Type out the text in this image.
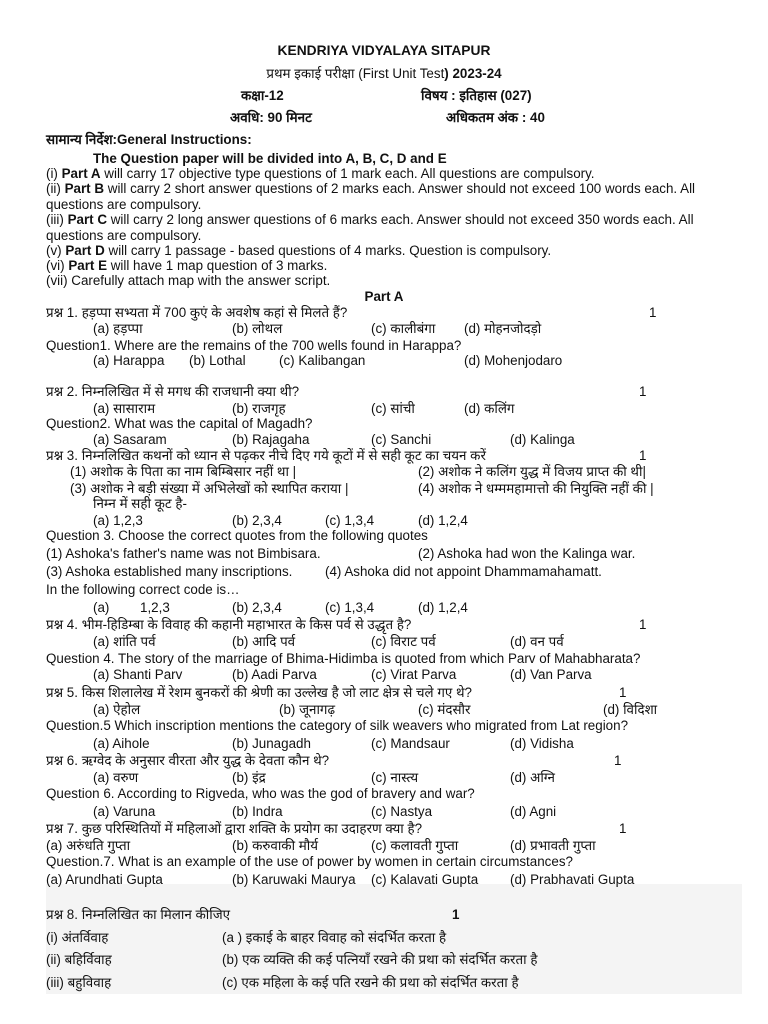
KENDRIYA VIDYALAYA SITAPUR
प्रथम इकाई परीक्षा (First Unit Test) 2023-24
कक्षा-12	विषय : इतिहास (027)
अवधि: 90 मिनट	अधिकतम अंक : 40
सामान्य निर्देश:General Instructions:
The Question paper will be divided into A, B, C, D and E
(i) Part A will carry 17 objective type questions of 1 mark each. All questions are compulsory.
(ii) Part B will carry 2 short answer questions of 2 marks each. Answer should not exceed 100 words each. All questions are compulsory.
(iii) Part C will carry 2 long answer questions of 6 marks each. Answer should not exceed 350 words each. All questions are compulsory.
(v) Part D will carry 1 passage - based questions of 4 marks. Question is compulsory.
(vi) Part E will have 1 map question of 3 marks.
(vii) Carefully attach map with the answer script.
Part A
प्रश्न 1. हड़प्पा सभ्यता में 700 कुएं के अवशेष कहां से मिलते हैं?	1
(a) हड़प्पा	(b) लोथल	(c) कालीबंगा (d) मोहनजोदड़ो
Question1. Where are the remains of the 700 wells found in Harappa?
(a) Harappa (b) Lothal (c) Kalibangan	(d) Mohenjodaro
प्रश्न 2. निम्नलिखित में से मगध की राजधानी क्या थी?	1
(a) सासाराम	(b) राजगृह	(c) सांची	(d) कलिंग
Question2. What was the capital of Magadh?
(a) Sasaram	(b) Rajagaha	(c) Sanchi	(d) Kalinga
प्रश्न 3. निम्नलिखित कथनों को ध्यान से पढ़कर नीचे दिए गये कूटों में से सही कूट का चयन करें	1
(1) अशोक के पिता का नाम बिम्बिसार नहीं था |	(2) अशोक ने कलिंग युद्ध में विजय प्राप्त की थी|
(3) अशोक ने बड़ी संख्या में अभिलेखों को स्थापित कराया |	(4) अशोक ने धम्ममहामात्तो की नियुक्ति नहीं की |
निम्न में सही कूट है-
(a) 1,2,3	(b) 2,3,4	(c) 1,3,4	(d) 1,2,4
Question 3. Choose the correct quotes from the following quotes
(1) Ashoka's father's name was not Bimbisara.	(2) Ashoka had won the Kalinga war.
(3) Ashoka established many inscriptions. (4) Ashoka did not appoint Dhammamahamatt.
In the following correct code is…
(a) 1,2,3	(b) 2,3,4	(c) 1,3,4	(d) 1,2,4
प्रश्न 4. भीम-हिडिम्बा के विवाह की कहानी महाभारत के किस पर्व से उद्धृत है?	1
(a) शांति पर्व	(b) आदि पर्व	(c) विराट पर्व	(d) वन पर्व
Question 4. The story of the marriage of Bhima-Hidimba is quoted from which Parv of Mahabharata?
(a) Shanti Parv	(b) Aadi Parva	(c) Virat Parva	(d) Van Parva
प्रश्न 5. किस शिलालेख में रेशम बुनकरों की श्रेणी का उल्लेख है जो लाट क्षेत्र से चले गए थे?	1
(a) ऐहोल	(b) जूनागढ़	(c) मंदसौर	(d) विदिशा
Question.5 Which inscription mentions the category of silk weavers who migrated from Lat region?
(a) Aihole	(b) Junagadh	(c) Mandsaur	(d) Vidisha
प्रश्न 6. ऋग्वेद के अनुसार वीरता और युद्ध के देवता कौन थे?	1
(a) वरुण	(b) इंद्र	(c) नास्त्य	(d) अग्नि
Question 6. According to Rigveda, who was the god of bravery and war?
(a) Varuna	(b) Indra	(c) Nastya	(d) Agni
प्रश्न 7. कुछ परिस्थितियों में महिलाओं द्वारा शक्ति के प्रयोग का उदाहरण क्या है?	1
(a) अरुंधति गुप्ता	(b) करुवाकी मौर्य	(c) कलावती गुप्ता	(d) प्रभावती गुप्ता
Question.7. What is an example of the use of power by women in certain circumstances?
(a) Arundhati Gupta	(b) Karuwaki Maurya (c) Kalavati Gupta (d) Prabhavati Gupta
प्रश्न 8. निम्नलिखित का मिलान कीजिए	1
(i) अंतर्विवाह	(a ) इकाई के बाहर विवाह को संदर्भित करता है
(ii) बहिर्विवाह	(b) एक व्यक्ति की कई पत्नियाँ रखने की प्रथा को संदर्भित करता है
(iii) बहुविवाह	(c) एक महिला के कई पति रखने की प्रथा को संदर्भित करता है
